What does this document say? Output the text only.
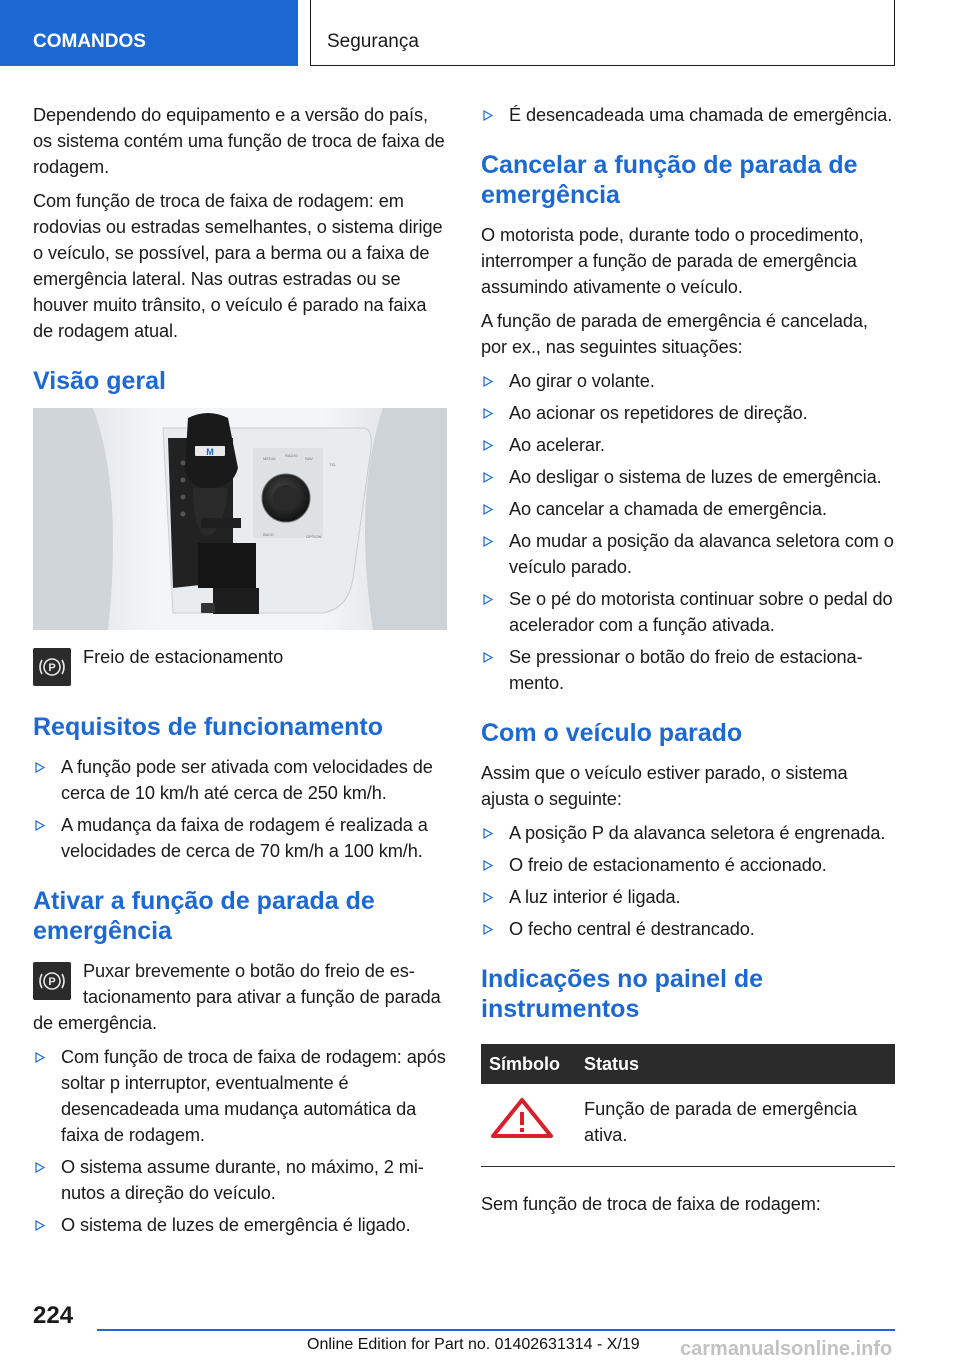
COMANDOS	Segurança

Dependendo do equipamento e a versão do país, os sistema contém uma função de troca de faixa de rodagem.

Com função de troca de faixa de rodagem: em rodovias ou estradas semelhantes, o sistema dirige o veículo, se possível, para a berma ou a faixa de emergência lateral. Nas outras estradas ou se houver muito trânsito, o veículo é parado na faixa de rodagem atual.

Visão geral
M
MEDIA
RADIO
NAV
TEL
BACK	OPTION
P
Freio de estacionamento
Requisitos de funcionamento
A função pode ser ativada com velocidades de cerca de 10 km/h até cerca de 250 km/h.
A mudança da faixa de rodagem é realizada a velocidades de cerca de 70 km/h a 100 km/h.
Ativar a função de parada de emergência
P
Puxar brevemente o botão do freio de estacionamento para ativar a função de parada de emergência.
Com função de troca de faixa de rodagem: após soltar p interruptor, eventualmente é desencadeada uma mudança automática da faixa de rodagem.
O sistema assume durante, no máximo, 2 minutos a direção do veículo.
O sistema de luzes de emergência é ligado.
É desencadeada uma chamada de emergência.
Cancelar a função de parada de emergência

O motorista pode, durante todo o procedimento, interromper a função de parada de emergência assumindo ativamente o veículo.

A função de parada de emergência é cancelada, por ex., nas seguintes situações:

Ao girar o volante.
Ao acionar os repetidores de direção.
Ao acelerar.
Ao desligar o sistema de luzes de emergência.
Ao cancelar a chamada de emergência.
Ao mudar a posição da alavanca seletora com o veículo parado.
Se o pé do motorista continuar sobre o pedal do acelerador com a função ativada.
Se pressionar o botão do freio de estacionamento.
Com o veículo parado

Assim que o veículo estiver parado, o sistema ajusta o seguinte:

A posição P da alavanca seletora é engrenada.
O freio de estacionamento é accionado.
A luz interior é ligada.
O fecho central é destrancado.
Indicações no painel de instrumentos
Símbolo	Status
	Função de parada de emergência ativa.

Sem função de troca de faixa de rodagem:

224
Online Edition for Part no. 01402631314 - X/19 carmanualsonline.info
